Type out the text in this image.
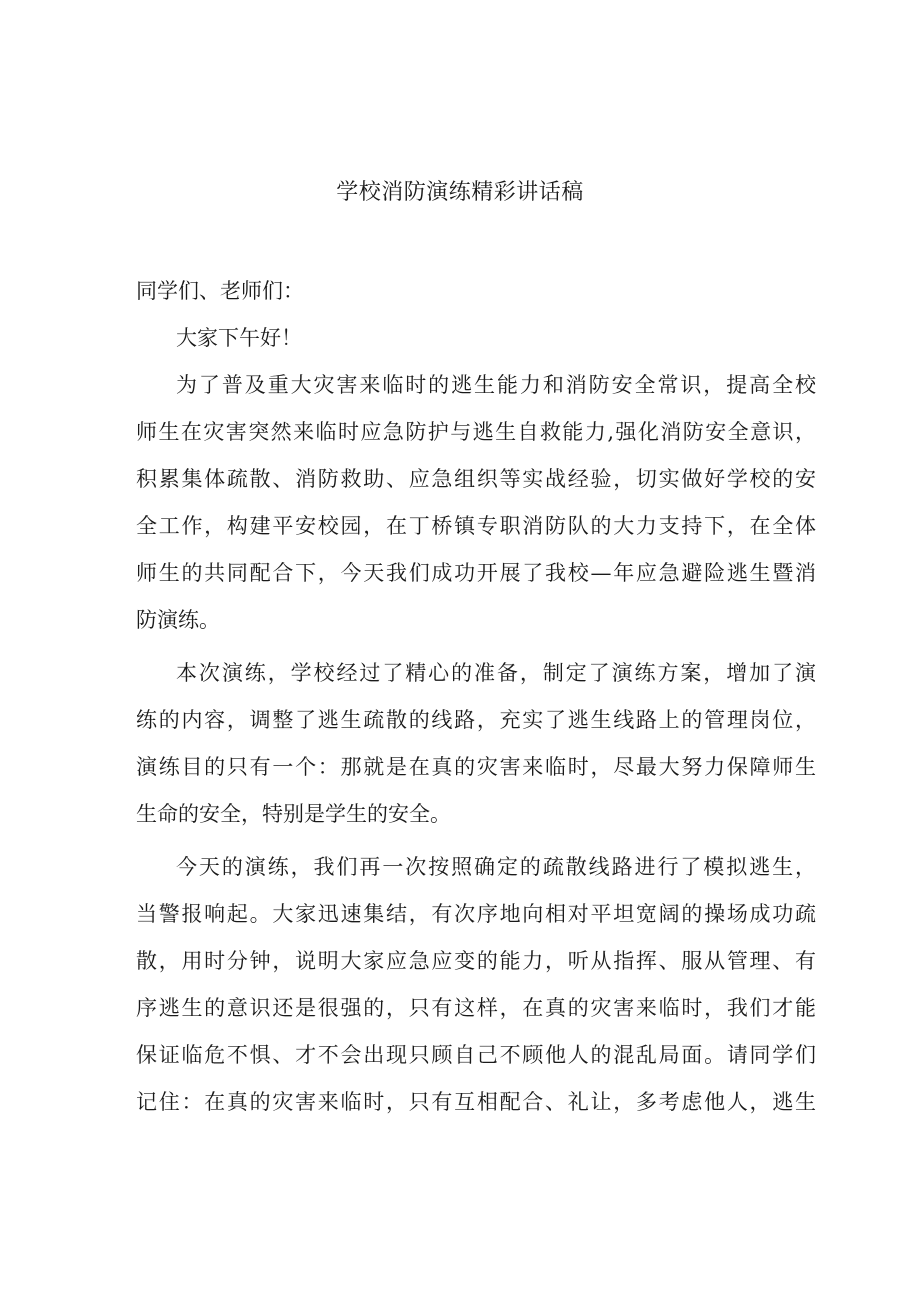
学校消防演练精彩讲话稿
同学们、老师们：
大家下午好！
为了普及重大灾害来临时的逃生能力和消防安全常识，提高全校
师生在灾害突然来临时应急防护与逃生自救能力,强化消防安全意识，
积累集体疏散、消防救助、应急组织等实战经验，切实做好学校的安
全工作，构建平安校园，在丁桥镇专职消防队的大力支持下，在全体
师生的共同配合下，今天我们成功开展了我校—年应急避险逃生暨消
防演练。
本次演练，学校经过了精心的准备，制定了演练方案，增加了演
练的内容，调整了逃生疏散的线路，充实了逃生线路上的管理岗位，
演练目的只有一个：那就是在真的灾害来临时，尽最大努力保障师生
生命的安全，特别是学生的安全。
今天的演练，我们再一次按照确定的疏散线路进行了模拟逃生，
当警报响起。大家迅速集结，有次序地向相对平坦宽阔的操场成功疏
散，用时分钟，说明大家应急应变的能力，听从指挥、服从管理、有
序逃生的意识还是很强的，只有这样，在真的灾害来临时，我们才能
保证临危不惧、才不会出现只顾自己不顾他人的混乱局面。请同学们
记住：在真的灾害来临时，只有互相配合、礼让，多考虑他人，逃生
